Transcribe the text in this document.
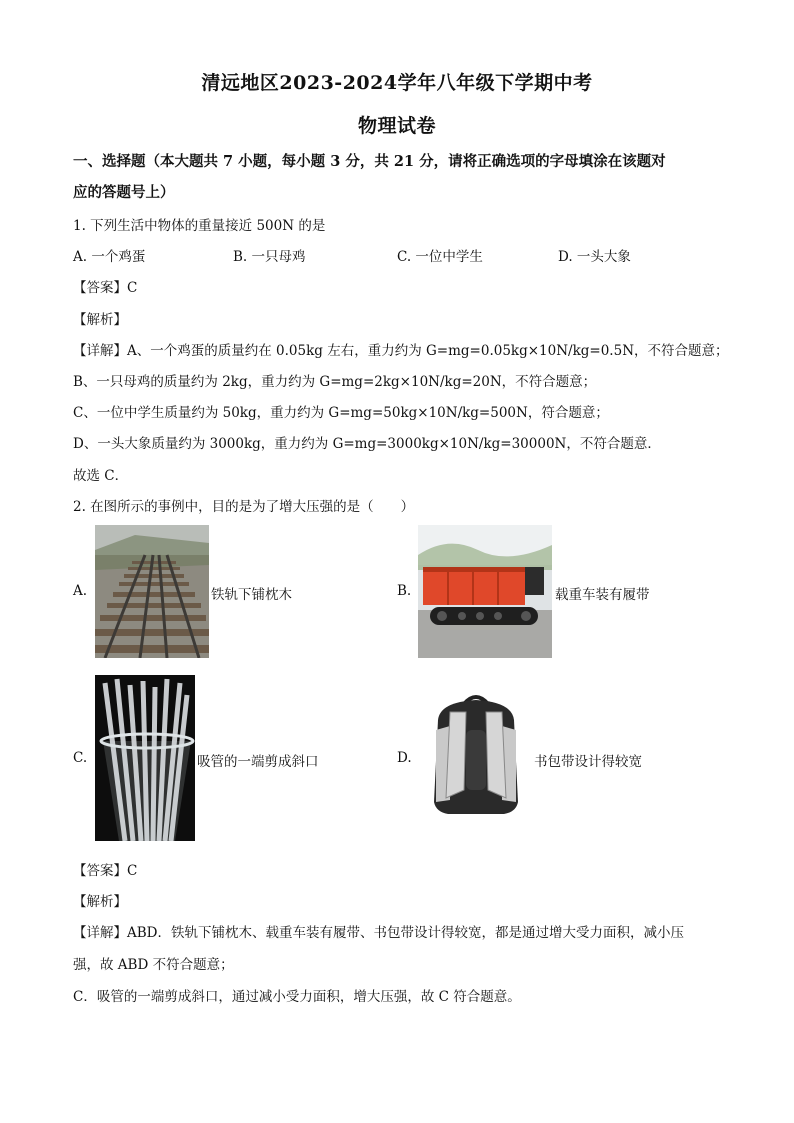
清远地区2023-2024学年八年级下学期中考
物理试卷
一、选择题（本大题共 7 小题，每小题 3 分，共 21 分，请将正确选项的字母填涂在该题对
应的答题号上）
1. 下列生活中物体的重量接近 500N 的是
A. 一个鸡蛋	B. 一只母鸡	C. 一位中学生	D. 一头大象
【答案】C
【解析】
【详解】A、一个鸡蛋的质量约在 0.05kg 左右，重力约为 G=mg=0.05kg×10N/kg=0.5N，不符合题意；
B、一只母鸡的质量约为 2kg，重力约为 G=mg=2kg×10N/kg=20N，不符合题意；
C、一位中学生质量约为 50kg，重力约为 G=mg=50kg×10N/kg=500N，符合题意；
D、一头大象质量约为 3000kg，重力约为 G=mg=3000kg×10N/kg=30000N，不符合题意．
故选 C．
2. 在图所示的事例中，目的是为了增大压强的是（　　）
A.	铁轨下铺枕木	B.	载重车装有履带
C.	吸管的一端剪成斜口	D.	书包带设计得较宽
【答案】C
【解析】
【详解】ABD．铁轨下铺枕木、载重车装有履带、书包带设计得较宽，都是通过增大受力面积，减小压
强，故 ABD 不符合题意；
C．吸管的一端剪成斜口，通过减小受力面积，增大压强，故 C 符合题意。
